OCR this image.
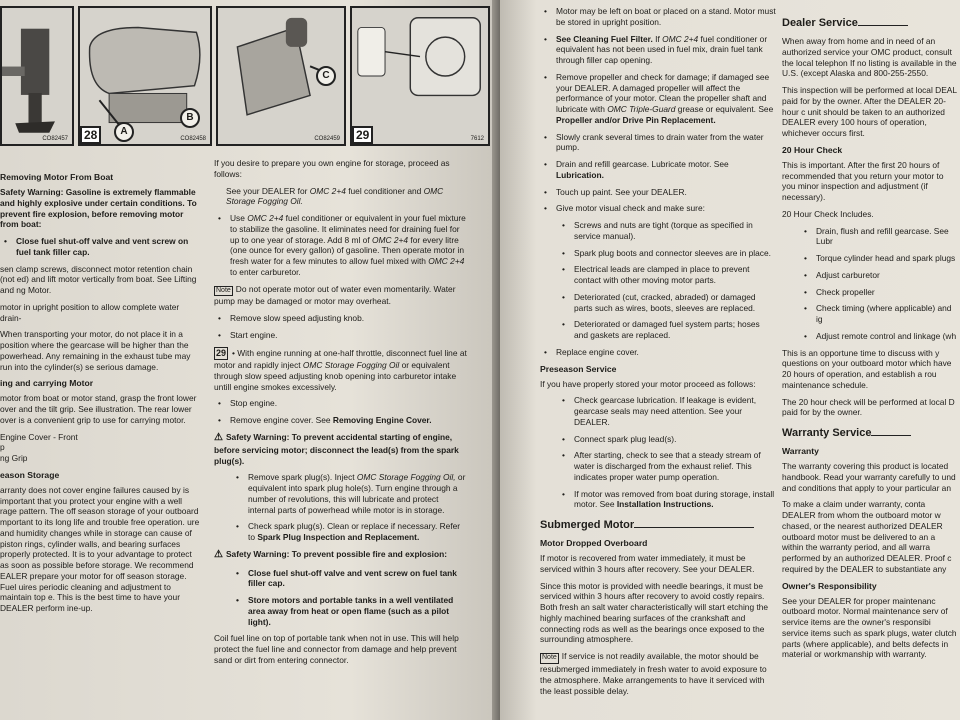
CO82457
A
B
28	CO82458
C
CO82459	29	7612
Removing Motor From Boat

Safety Warning: Gasoline is extremely flammable and highly explosive under certain conditions. To prevent fire explosion, before removing motor from boat:

• Close fuel shut-off valve and vent screw on fuel tank filler cap.

sen clamp screws, disconnect motor retention chain (not ed) and lift motor vertically from boat. See Lifting and ng Motor.

motor in upright position to allow complete water drain-

When transporting your motor, do not place it in a position where the gearcase will be higher than the powerhead. Any remaining in the exhaust tube may run into the cylinder(s) se serious damage.

ing and carrying Motor

motor from boat or motor stand, grasp the front lower over and the tilt grip. See illustration. The rear lower over is a convenient grip to use for carrying motor.

Engine Cover - Front
p
ng Grip
eason Storage

arranty does not cover engine failures caused by is important that you protect your engine with a well rage pattern. The off season storage of your outboard mportant to its long life and trouble free operation. ure and humidity changes while in storage can cause of piston rings, cylinder walls, and bearing surfaces properly protected. It is to your advantage to protect as soon as possible before storage. We recommend EALER prepare your motor for off season storage. Fuel uires periodic cleaning and adjustment to maintain top e. This is the best time to have your DEALER perform ine-up.

If you desire to prepare you own engine for storage, proceed as follows:

See your DEALER for OMC 2+4 fuel conditioner and OMC Storage Fogging Oil.

• Use OMC 2+4 fuel conditioner or equivalent in your fuel mixture to stabilize the gasoline. It eliminates need for draining fuel for up to one year of storage. Add 8 ml of OMC 2+4 for every litre (one ounce for every gallon) of gasoline. Then operate motor in fresh water for a few minutes to allow fuel mixed with OMC 2+4 to enter carburetor.

Note Do not operate motor out of water even momentarily. Water pump may be damaged or motor may overheat.

• Remove slow speed adjusting knob.

• Start engine.

29 • With engine running at one-half throttle, disconnect fuel line at motor and rapidly inject OMC Storage Fogging Oil or equivalent through slow speed adjusting knob opening into carburetor intake untill engine smokes excessively.

• Stop engine.

• Remove engine cover. See Removing Engine Cover.

⚠ Safety Warning: To prevent accidental starting of engine, before servicing motor; disconnect the lead(s) from the spark plug(s).

• Remove spark plug(s). Inject OMC Storage Fogging Oil, or equivalent into spark plug hole(s). Turn engine through a number of revolutions, this will lubricate and protect internal parts of powerhead while motor is in storage.

• Check spark plug(s). Clean or replace if necessary. Refer to Spark Plug Inspection and Replacement.

⚠ Safety Warning: To prevent possible fire and explosion:

• Close fuel shut-off valve and vent screw on fuel tank filler cap.

• Store motors and portable tanks in a well ventilated area away from heat or open flame (such as a pilot light).

Coil fuel line on top of portable tank when not in use. This will help protect the fuel line and connector from damage and help prevent sand or dirt from entering connector.

• Motor may be left on boat or placed on a stand. Motor must be stored in upright position.

• See Cleaning Fuel Filter. If OMC 2+4 fuel conditioner or equivalent has not been used in fuel mix, drain fuel tank through filler cap opening.

• Remove propeller and check for damage; if damaged see your DEALER. A damaged propeller will affect the performance of your motor. Clean the propeller shaft and lubricate with OMC Triple-Guard grease or equivalent. See Propeller and/or Drive Pin Replacement.

• Slowly crank several times to drain water from the water pump.

• Drain and refill gearcase. Lubricate motor. See Lubrication.

• Touch up paint. See your DEALER.

• Give motor visual check and make sure:

• Screws and nuts are tight (torque as specified in service manual).

• Spark plug boots and connector sleeves are in place.

• Electrical leads are clamped in place to prevent contact with other moving motor parts.

• Deteriorated (cut, cracked, abraded) or damaged parts such as wires, boots, sleeves are replaced.

• Deteriorated or damaged fuel system parts; hoses and gaskets are replaced.

• Replace engine cover.

Preseason Service

If you have properly stored your motor proceed as follows:

• Check gearcase lubrication. If leakage is evident, gearcase seals may need attention. See your DEALER.

• Connect spark plug lead(s).

• After starting, check to see that a steady stream of water is discharged from the exhaust relief. This indicates proper water pump operation.

• If motor was removed from boat during storage, install motor. See Installation Instructions.

Submerged Motor
Motor Dropped Overboard

If motor is recovered from water immediately, it must be serviced within 3 hours after recovery. See your DEALER.

Since this motor is provided with needle bearings, it must be serviced within 3 hours after recovery to avoid costly repairs. Both fresh an salt water characteristically will start etching the highly machined bearing surfaces of the crankshaft and connecting rods as well as the bearings once exposed to the surrounding atmosphere.

Note If service is not readily available, the motor should be resubmerged immediately in fresh water to avoid exposure to the atmosphere. Make arrangements to have it serviced with the least possible delay.

Dealer Service

When away from home and in need of an authorized service your OMC product, consult the local telephon If no listing is available in the U.S. (except Alaska and 800-255-2550.

This inspection will be performed at local DEAL paid for by the owner. After the DEALER 20-hour c unit should be taken to an authorized DEALER every 100 hours of operation, whichever occurs first.

20 Hour Check

This is important. After the first 20 hours of recommended that you return your motor to you minor inspection and adjustment (if necessary).

20 Hour Check Includes.

• Drain, flush and refill gearcase. See Lubr

• Torque cylinder head and spark plugs

• Adjust carburetor

• Check propeller

• Check timing (where applicable) and ig

• Adjust remote control and linkage (wh

This is an opportune time to discuss with y questions on your outboard motor which have 20 hours of operation, and establish a rou maintenance schedule.

The 20 hour check will be performed at local D paid for by the owner.

Warranty Service
Warranty

The warranty covering this product is located handbook. Read your warranty carefully to und and conditions that apply to your particular an

To make a claim under warranty, conta DEALER from whom the outboard motor w chased, or the nearest authorized DEALER outboard motor must be delivered to an a within the warranty period, and all warra performed by an authorized DEALER. Proof c required by the DEALER to substantiate any

Owner's Responsibility

See your DEALER for proper maintenanc outboard motor. Normal maintenance serv of service items are the owner's responsibi service items such as spark plugs, water clutch parts (where applicable), and belts defects in material or workmanship with warranty.
